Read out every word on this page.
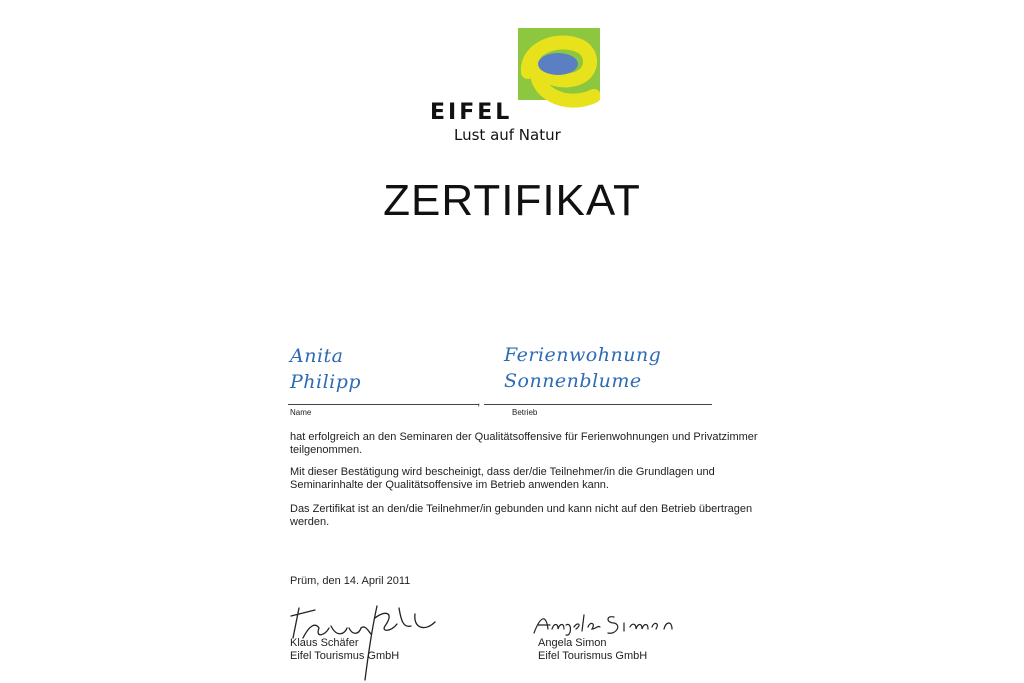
EIFEL
Lust auf Natur
ZERTIFIKAT
Anita
Philipp
Ferienwohnung
Sonnenblume
,
Name	Betrieb
hat erfolgreich an den Seminaren der Qualitätsoffensive für Ferienwohnungen und Privatzimmer teilgenommen.
Mit dieser Bestätigung wird bescheinigt, dass der/die Teilnehmer/in die Grundlagen und Seminarinhalte der Qualitätsoffensive im Betrieb anwenden kann.
Das Zertifikat ist an den/die Teilnehmer/in gebunden und kann nicht auf den Betrieb übertragen werden.
Prüm, den 14. April 2011
Klaus Schäfer
Eifel Tourismus GmbH
Angela Simon
Eifel Tourismus GmbH
